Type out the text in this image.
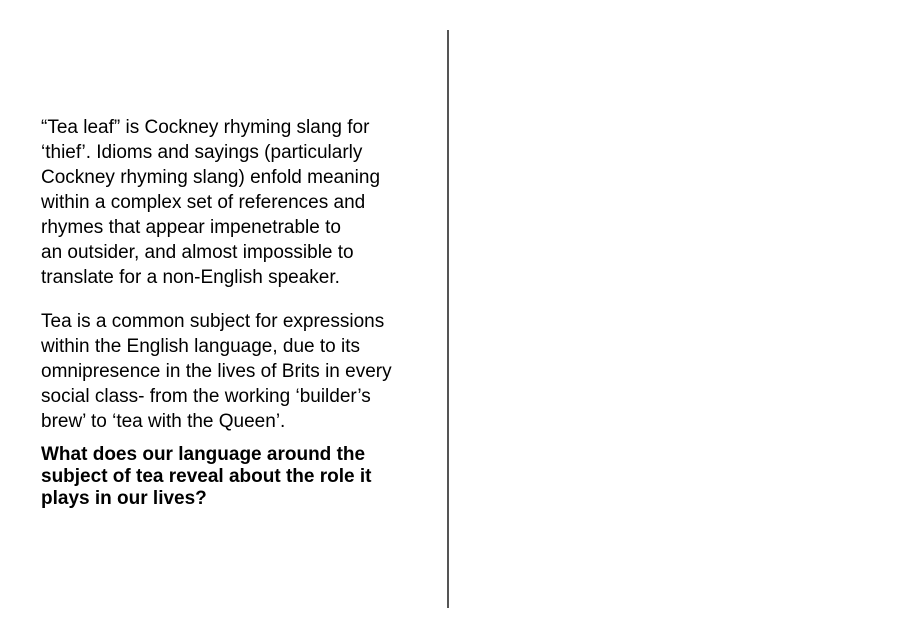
“Tea leaf” is Cockney rhyming slang for
‘thief’. Idioms and sayings (particularly
Cockney rhyming slang) enfold meaning
within a complex set of references and
rhymes that appear impenetrable to
an outsider, and almost impossible to
translate for a non-English speaker.
Tea is a common subject for expressions
within the English language, due to its
omnipresence in the lives of Brits in every
social class- from the working ‘builder’s
brew’ to ‘tea with the Queen’.
What does our language around the
subject of tea reveal about the role it
plays in our lives?
